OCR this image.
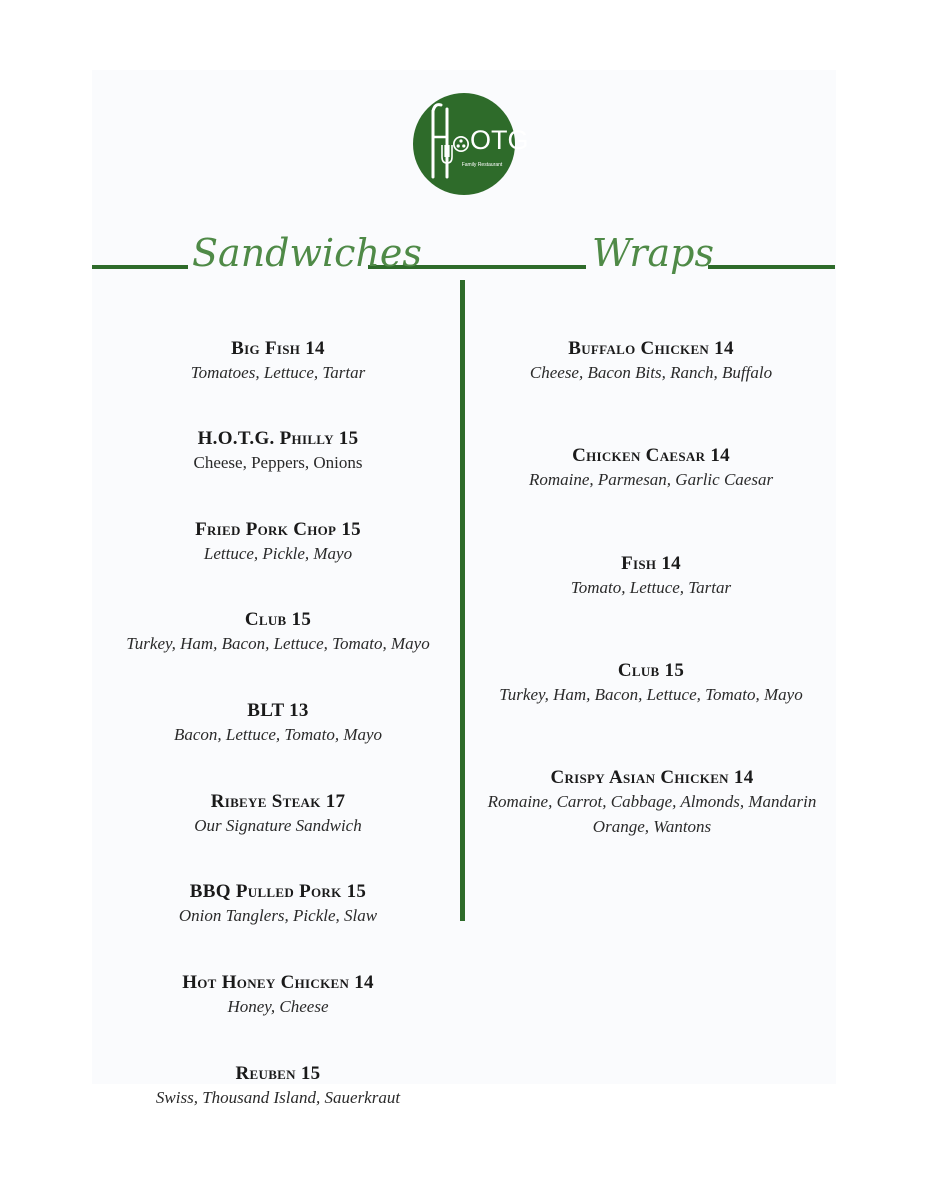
OTG
Family Restaurant
Sandwiches	Wraps
Big Fish 14
Tomatoes, Lettuce, Tartar
H.O.T.G. Philly 15
Cheese, Peppers, Onions
Fried Pork Chop 15
Lettuce, Pickle, Mayo
Club 15
Turkey, Ham, Bacon, Lettuce, Tomato, Mayo
BLT 13
Bacon, Lettuce, Tomato, Mayo
Ribeye Steak 17
Our Signature Sandwich
BBQ Pulled Pork 15
Onion Tanglers, Pickle, Slaw
Hot Honey Chicken 14
Honey, Cheese
Reuben 15
Swiss, Thousand Island, Sauerkraut
Buffalo Chicken 14
Cheese, Bacon Bits, Ranch, Buffalo
Chicken Caesar 14
Romaine, Parmesan, Garlic Caesar
Fish 14
Tomato, Lettuce, Tartar
Club 15
Turkey, Ham, Bacon, Lettuce, Tomato, Mayo
Crispy Asian Chicken 14
Romaine, Carrot, Cabbage, Almonds, Mandarin Orange, Wantons
